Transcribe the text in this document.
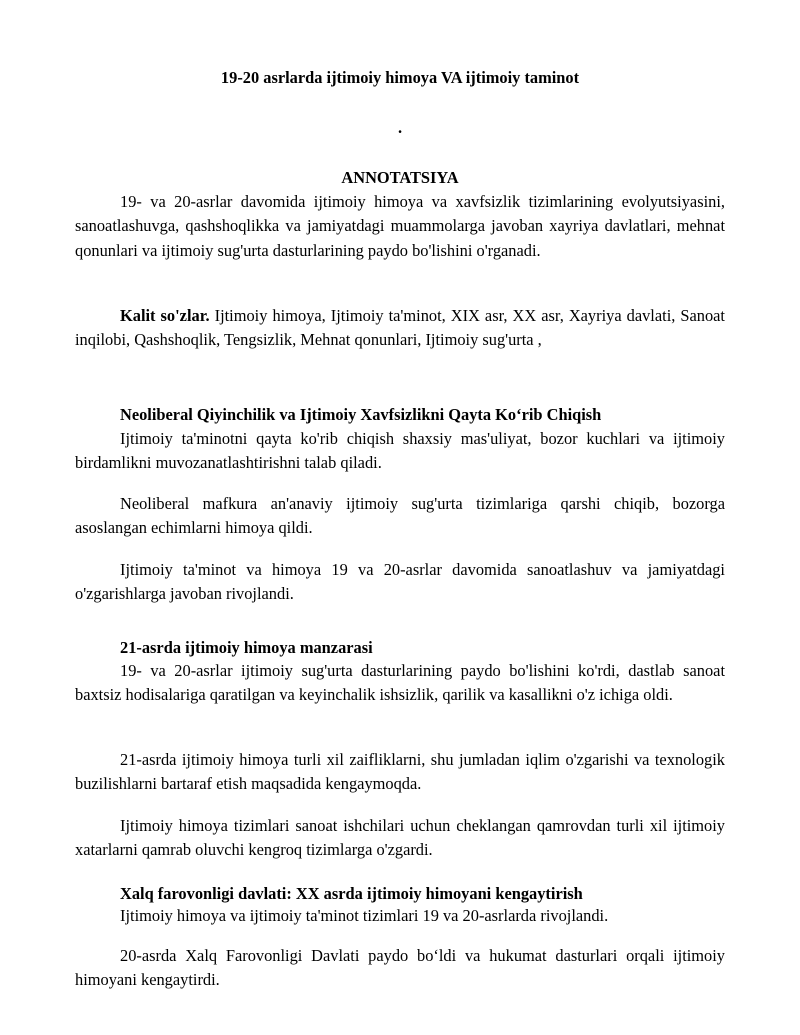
19-20 asrlarda ijtimoiy himoya VA ijtimoiy taminot
.
ANNOTATSIYA

19- va 20-asrlar davomida ijtimoiy himoya va xavfsizlik tizimlarining evolyutsiyasini, sanoatlashuvga, qashshoqlikka va jamiyatdagi muammolarga javoban xayriya davlatlari, mehnat qonunlari va ijtimoiy sug'urta dasturlarining paydo bo'lishini o'rganadi.

Kalit so'zlar. Ijtimoiy himoya, Ijtimoiy ta'minot, XIX asr, XX asr, Xayriya davlati, Sanoat inqilobi, Qashshoqlik, Tengsizlik, Mehnat qonunlari, Ijtimoiy sug'urta ,

Neoliberal Qiyinchilik va Ijtimoiy Xavfsizlikni Qayta Ko‘rib Chiqish

Ijtimoiy ta'minotni qayta ko'rib chiqish shaxsiy mas'uliyat, bozor kuchlari va ijtimoiy birdamlikni muvozanatlashtirishni talab qiladi.

Neoliberal mafkura an'anaviy ijtimoiy sug'urta tizimlariga qarshi chiqib, bozorga asoslangan echimlarni himoya qildi.

Ijtimoiy ta'minot va himoya 19 va 20-asrlar davomida sanoatlashuv va jamiyatdagi o'zgarishlarga javoban rivojlandi.

21-asrda ijtimoiy himoya manzarasi

19- va 20-asrlar ijtimoiy sug'urta dasturlarining paydo bo'lishini ko'rdi, dastlab sanoat baxtsiz hodisalariga qaratilgan va keyinchalik ishsizlik, qarilik va kasallikni o'z ichiga oldi.

21-asrda ijtimoiy himoya turli xil zaifliklarni, shu jumladan iqlim o'zgarishi va texnologik buzilishlarni bartaraf etish maqsadida kengaymoqda.

Ijtimoiy himoya tizimlari sanoat ishchilari uchun cheklangan qamrovdan turli xil ijtimoiy xatarlarni qamrab oluvchi kengroq tizimlarga o'zgardi.

Xalq farovonligi davlati: XX asrda ijtimoiy himoyani kengaytirish

Ijtimoiy himoya va ijtimoiy ta'minot tizimlari 19 va 20-asrlarda rivojlandi.

20-asrda Xalq Farovonligi Davlati paydo bo‘ldi va hukumat dasturlari orqali ijtimoiy himoyani kengaytirdi.
